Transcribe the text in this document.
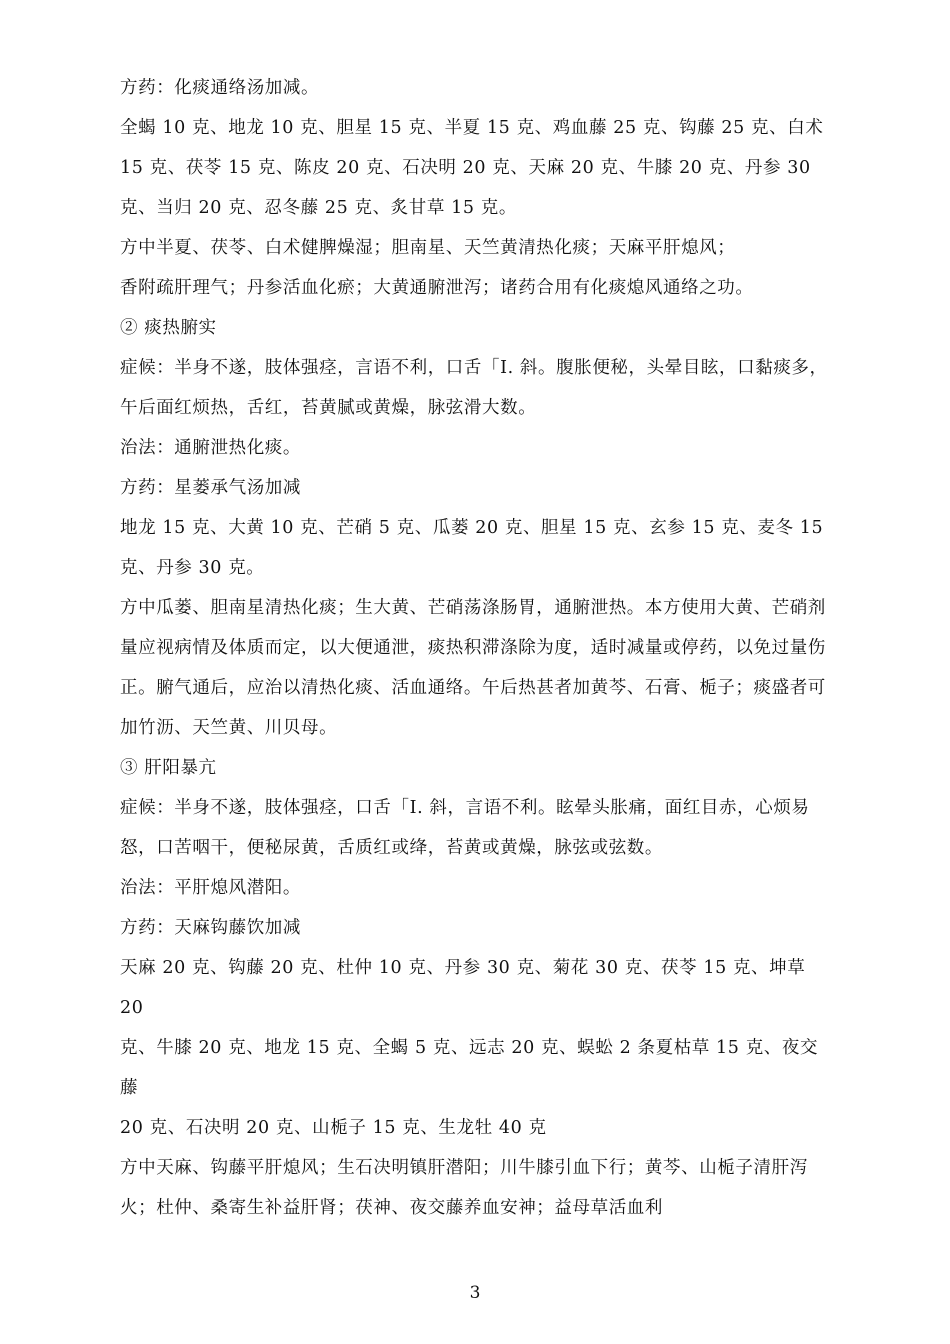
方药：化痰通络汤加减。

全蝎 10 克、地龙 10 克、胆星 15 克、半夏 15 克、鸡血藤 25 克、钩藤 25 克、白术 15 克、茯苓 15 克、陈皮 20 克、石决明 20 克、天麻 20 克、牛膝 20 克、丹参 30 克、当归 20 克、忍冬藤 25 克、炙甘草 15 克。

方中半夏、茯苓、白术健脾燥湿；胆南星、天竺黄清热化痰；天麻平肝熄风；

香附疏肝理气；丹参活血化瘀；大黄通腑泄泻；诸药合用有化痰熄风通络之功。

② 痰热腑实

症候：半身不遂，肢体强痉，言语不利，口舌「I. 斜。腹胀便秘，头晕目眩，口黏痰多，午后面红烦热，舌红，苔黄腻或黄燥，脉弦滑大数。

治法：通腑泄热化痰。

方药：星蒌承气汤加减

地龙 15 克、大黄 10 克、芒硝 5 克、瓜蒌 20 克、胆星 15 克、玄参 15 克、麦冬 15 克、丹参 30 克。

方中瓜蒌、胆南星清热化痰；生大黄、芒硝荡涤肠胃，通腑泄热。本方使用大黄、芒硝剂量应视病情及体质而定，以大便通泄，痰热积滞涤除为度，适时减量或停药，以免过量伤正。腑气通后，应治以清热化痰、活血通络。午后热甚者加黄芩、石膏、栀子；痰盛者可加竹沥、天竺黄、川贝母。

③ 肝阳暴亢

症候：半身不遂，肢体强痉，口舌「I. 斜，言语不利。眩晕头胀痛，面红目赤，心烦易怒，口苦咽干，便秘尿黄，舌质红或绛，苔黄或黄燥，脉弦或弦数。

治法：平肝熄风潜阳。

方药：天麻钩藤饮加减

天麻 20 克、钩藤 20 克、杜仲 10 克、丹参 30 克、菊花 30 克、茯苓 15 克、坤草

20

克、牛膝 20 克、地龙 15 克、全蝎 5 克、远志 20 克、蜈蚣 2 条夏枯草 15 克、夜交藤

20 克、石决明 20 克、山栀子 15 克、生龙牡 40 克

方中天麻、钩藤平肝熄风；生石决明镇肝潜阳；川牛膝引血下行；黄芩、山栀子清肝泻火；杜仲、桑寄生补益肝肾；茯神、夜交藤养血安神；益母草活血利

3
